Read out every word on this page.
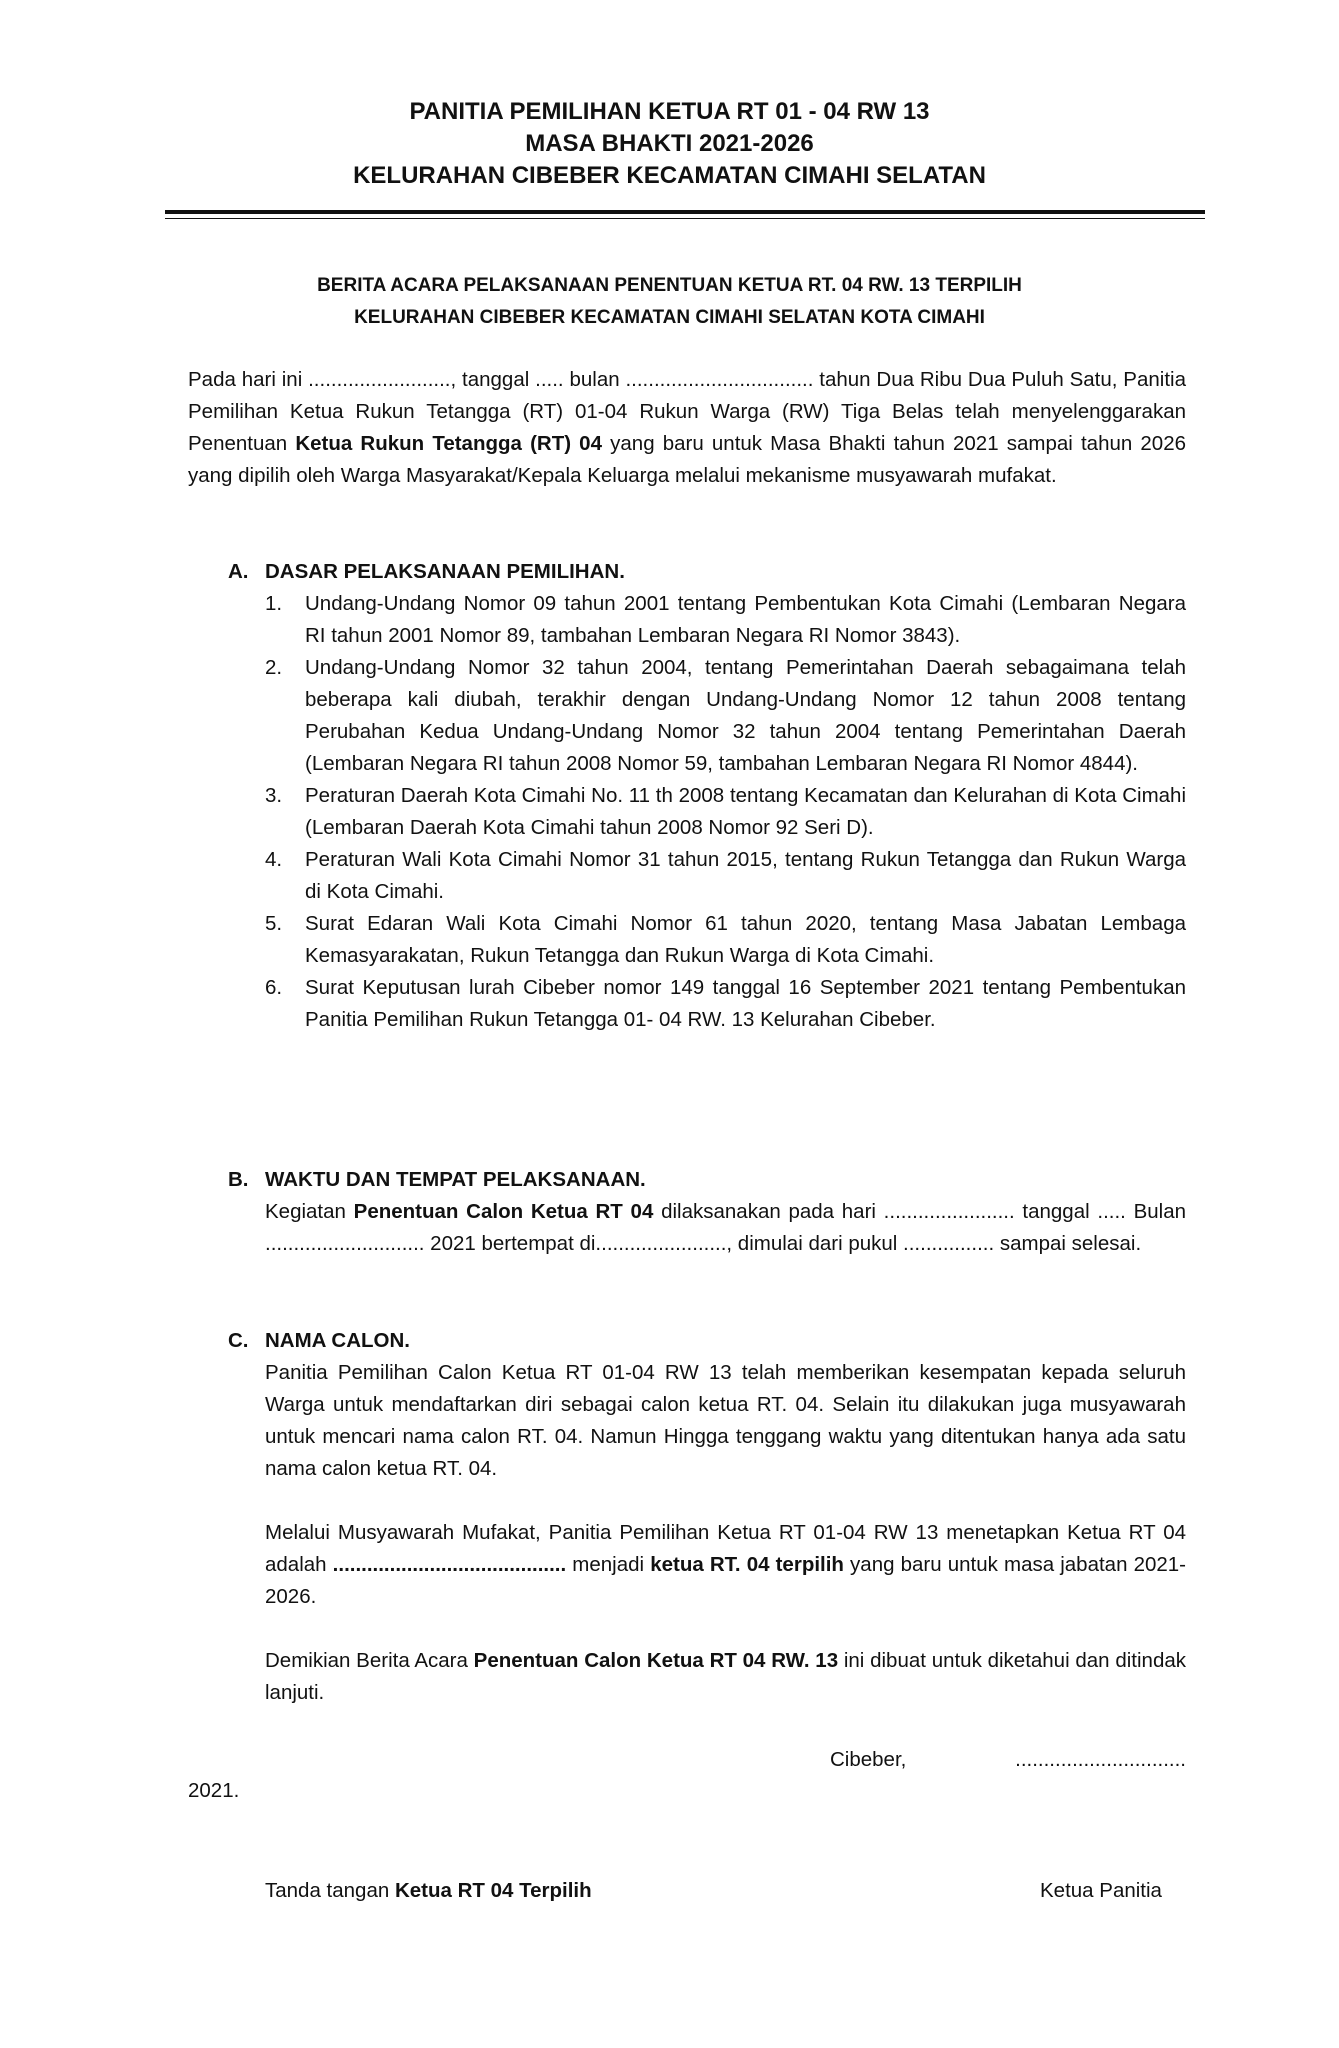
PANITIA PEMILIHAN KETUA RT 01 - 04 RW 13
MASA BHAKTI 2021-2026
KELURAHAN CIBEBER KECAMATAN CIMAHI SELATAN
BERITA ACARA PELAKSANAAN PENENTUAN KETUA RT. 04 RW. 13 TERPILIH
KELURAHAN CIBEBER KECAMATAN CIMAHI SELATAN KOTA CIMAHI
Pada hari ini ........................., tanggal ..... bulan ................................. tahun Dua Ribu Dua Puluh Satu, Panitia Pemilihan Ketua Rukun Tetangga (RT) 01-04 Rukun Warga (RW) Tiga Belas telah menyelenggarakan Penentuan Ketua Rukun Tetangga (RT) 04 yang baru untuk Masa Bhakti tahun 2021 sampai tahun 2026 yang dipilih oleh Warga Masyarakat/Kepala Keluarga melalui mekanisme musyawarah mufakat.
A. DASAR PELAKSANAAN PEMILIHAN.
1.	Undang-Undang Nomor 09 tahun 2001 tentang Pembentukan Kota Cimahi (Lembaran Negara RI tahun 2001 Nomor 89, tambahan Lembaran Negara RI Nomor 3843).
2.	Undang-Undang Nomor 32 tahun 2004, tentang Pemerintahan Daerah sebagaimana telah beberapa kali diubah, terakhir dengan Undang-Undang Nomor 12 tahun 2008 tentang Perubahan Kedua Undang-Undang Nomor 32 tahun 2004 tentang Pemerintahan Daerah (Lembaran Negara RI tahun 2008 Nomor 59, tambahan Lembaran Negara RI Nomor 4844).
3.	Peraturan Daerah Kota Cimahi No. 11 th 2008 tentang Kecamatan dan Kelurahan di Kota Cimahi (Lembaran Daerah Kota Cimahi tahun 2008 Nomor 92 Seri D).
4.	Peraturan Wali Kota Cimahi Nomor 31 tahun 2015, tentang Rukun Tetangga dan Rukun Warga di Kota Cimahi.
5.	Surat Edaran Wali Kota Cimahi Nomor 61 tahun 2020, tentang Masa Jabatan Lembaga Kemasyarakatan, Rukun Tetangga dan Rukun Warga di Kota Cimahi.
6.	Surat Keputusan lurah Cibeber nomor 149 tanggal 16 September 2021 tentang Pembentukan Panitia Pemilihan Rukun Tetangga 01- 04 RW. 13 Kelurahan Cibeber.
B. WAKTU DAN TEMPAT PELAKSANAAN.
Kegiatan Penentuan Calon Ketua RT 04 dilaksanakan pada hari ....................... tanggal ..... Bulan ............................ 2021 bertempat di......................., dimulai dari pukul ................ sampai selesai.
C. NAMA CALON.
Panitia Pemilihan Calon Ketua RT 01-04 RW 13 telah memberikan kesempatan kepada seluruh Warga untuk mendaftarkan diri sebagai calon ketua RT. 04. Selain itu dilakukan juga musyawarah untuk mencari nama calon RT. 04. Namun Hingga tenggang waktu yang ditentukan hanya ada satu nama calon ketua RT. 04.
Melalui Musyawarah Mufakat, Panitia Pemilihan Ketua RT 01-04 RW 13 menetapkan Ketua RT 04 adalah ......................................... menjadi ketua RT. 04 terpilih yang baru untuk masa jabatan 2021-2026.
Demikian Berita Acara Penentuan Calon Ketua RT 04 RW. 13 ini dibuat untuk diketahui dan ditindak lanjuti.
Cibeber,	..............................
2021.
Tanda tangan Ketua RT 04 Terpilih	Ketua Panitia
